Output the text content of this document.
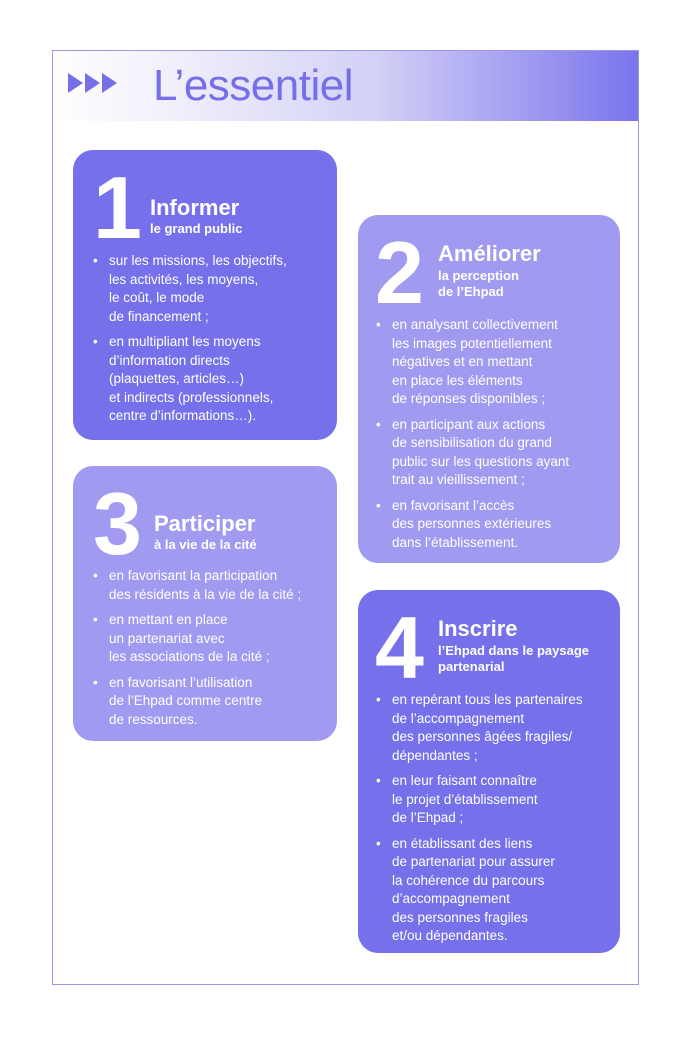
L’essentiel
1 Informer
le grand public
• sur les missions, les objectifs,
les activités, les moyens,
le coût, le mode
de financement ;
• en multipliant les moyens
d’information directs
(plaquettes, articles…)
et indirects (professionnels,
centre d’informations…).
2 Améliorer
la perception
de l’Ehpad
• en analysant collectivement
les images potentiellement
négatives et en mettant
en place les éléments
de réponses disponibles ;
• en participant aux actions
de sensibilisation du grand
public sur les questions ayant
trait au vieillissement ;
• en favorisant l’accès
des personnes extérieures
dans l’établissement.
3 Participer
à la vie de la cité
• en favorisant la participation
des résidents à la vie de la cité ;
• en mettant en place
un partenariat avec
les associations de la cité ;
• en favorisant l’utilisation
de l’Ehpad comme centre
de ressources.
4 Inscrire
l’Ehpad dans le paysage
partenarial
• en repérant tous les partenaires
de l’accompagnement
des personnes âgées fragiles/
dépendantes ;
• en leur faisant connaître
le projet d’établissement
de l’Ehpad ;
• en établissant des liens
de partenariat pour assurer
la cohérence du parcours
d’accompagnement
des personnes fragiles
et/ou dépendantes.
